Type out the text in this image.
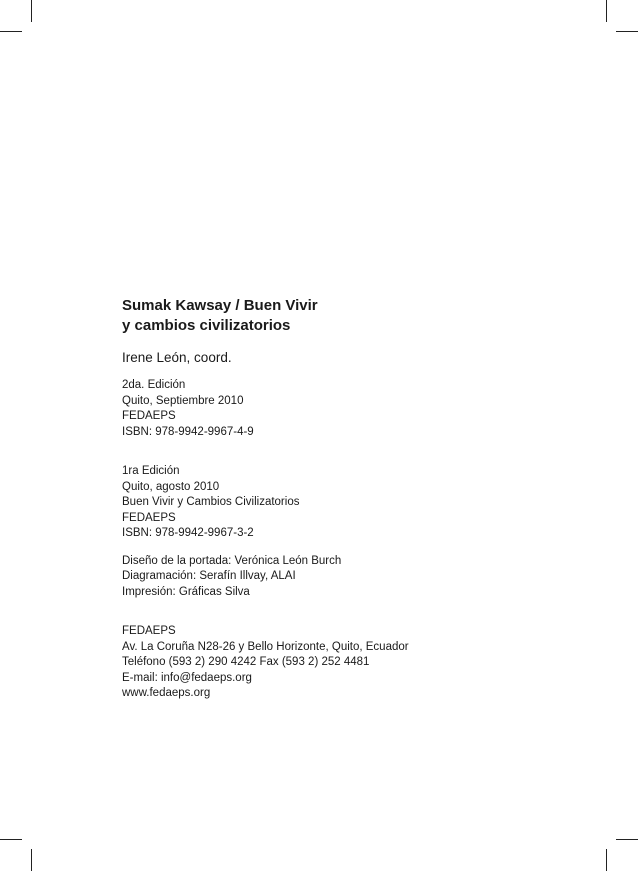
Sumak Kawsay / Buen Vivir
y cambios civilizatorios
Irene León, coord.
2da. Edición
Quito, Septiembre 2010
FEDAEPS
ISBN: 978-9942-9967-4-9
1ra Edición
Quito, agosto 2010
Buen Vivir y Cambios Civilizatorios
FEDAEPS
ISBN: 978-9942-9967-3-2
Diseño de la portada: Verónica León Burch
Diagramación: Serafín Illvay, ALAI
Impresión: Gráficas Silva
FEDAEPS
Av. La Coruña N28-26 y Bello Horizonte, Quito, Ecuador
Teléfono (593 2) 290 4242 Fax (593 2) 252 4481
E-mail: info@fedaeps.org
www.fedaeps.org
